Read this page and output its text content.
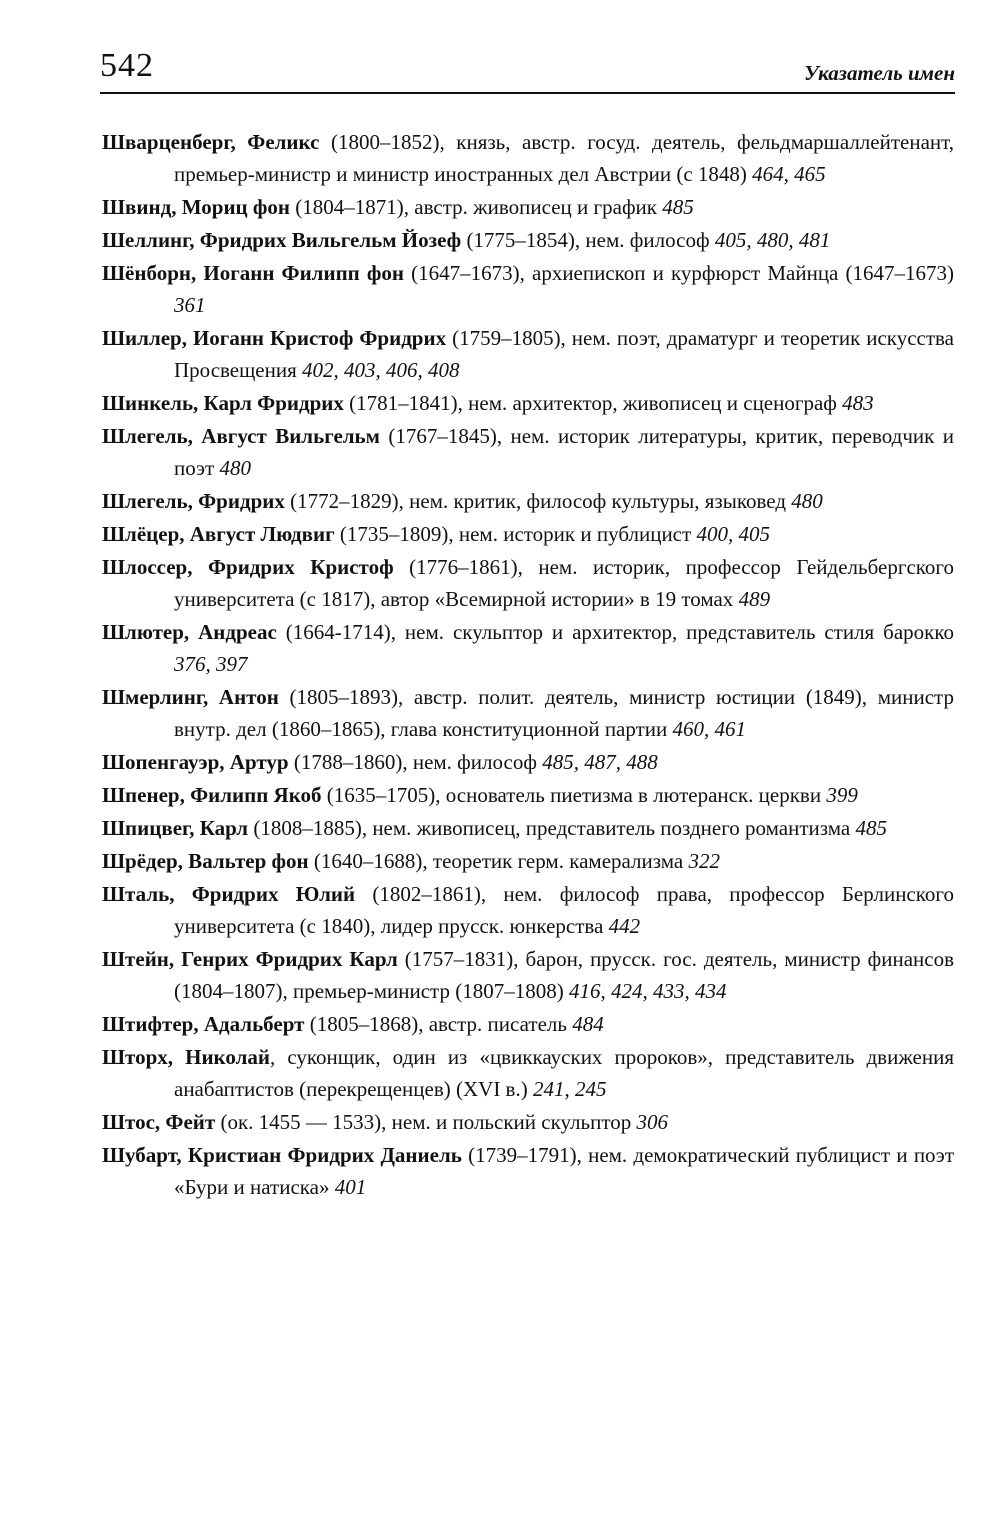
542	Указатель имен
Шварценберг, Феликс (1800–1852), князь, австр. госуд. деятель, фельдмаршаллейтенант, премьер-министр и министр иностранных дел Австрии (с 1848) 464, 465
Швинд, Мориц фон (1804–1871), австр. живописец и график 485
Шеллинг, Фридрих Вильгельм Йозеф (1775–1854), нем. философ 405, 480, 481
Шёнборн, Иоганн Филипп фон (1647–1673), архиепископ и курфюрст Майнца (1647–1673) 361
Шиллер, Иоганн Кристоф Фридрих (1759–1805), нем. поэт, драматург и теоретик искусства Просвещения 402, 403, 406, 408
Шинкель, Карл Фридрих (1781–1841), нем. архитектор, живописец и сценограф 483
Шлегель, Август Вильгельм (1767–1845), нем. историк литературы, критик, переводчик и поэт 480
Шлегель, Фридрих (1772–1829), нем. критик, философ культуры, языковед 480
Шлёцер, Август Людвиг (1735–1809), нем. историк и публицист 400, 405
Шлоссер, Фридрих Кристоф (1776–1861), нем. историк, профессор Гейдельбергского университета (с 1817), автор «Всемирной истории» в 19 томах 489
Шлютер, Андреас (1664-1714), нем. скульптор и архитектор, представитель стиля барокко 376, 397
Шмерлинг, Антон (1805–1893), австр. полит. деятель, министр юстиции (1849), министр внутр. дел (1860–1865), глава конституционной партии 460, 461
Шопенгауэр, Артур (1788–1860), нем. философ 485, 487, 488
Шпенер, Филипп Якоб (1635–1705), основатель пиетизма в лютеранск. церкви 399
Шпицвег, Карл (1808–1885), нем. живописец, представитель позднего романтизма 485
Шрёдер, Вальтер фон (1640–1688), теоретик герм. камерализма 322
Шталь, Фридрих Юлий (1802–1861), нем. философ права, профессор Берлинского университета (с 1840), лидер прусск. юнкерства 442
Штейн, Генрих Фридрих Карл (1757–1831), барон, прусск. гос. деятель, министр финансов (1804–1807), премьер-министр (1807–1808) 416, 424, 433, 434
Штифтер, Адальберт (1805–1868), австр. писатель 484
Шторх, Николай, суконщик, один из «цвиккауских пророков», представитель движения анабаптистов (перекрещенцев) (XVI в.) 241, 245
Штос, Фейт (ок. 1455 — 1533), нем. и польский скульптор 306
Шубарт, Кристиан Фридрих Даниель (1739–1791), нем. демократический публицист и поэт «Бури и натиска» 401
